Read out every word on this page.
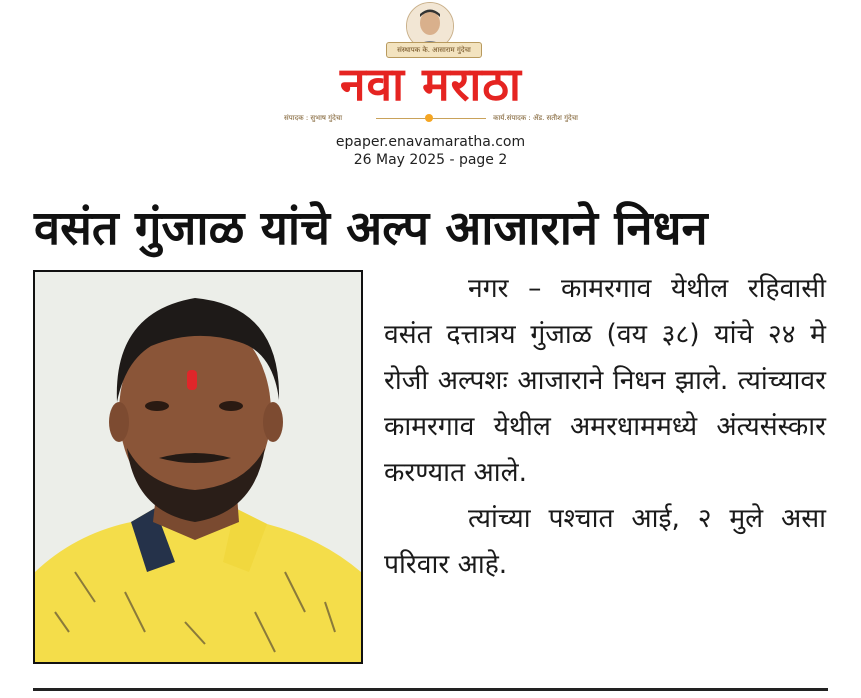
संस्थापक के. आसाराम गुंदेचा
नवा मराठा
संपादक : सुभाष गुंदेचा	कार्य.संपादक : ॲड. सतीश गुंदेचा
epaper.enavamaratha.com
26 May 2025 - page 2
वसंत गुंजाळ यांचे अल्प आजाराने निधन

नगर – कामरगाव येथील रहिवासी वसंत दत्तात्रय गुंजाळ (वय ३८) यांचे २४ मे रोजी अल्पशः आजाराने निधन झाले. त्यांच्यावर कामरगाव येथील अमरधाममध्ये अंत्यसंस्कार करण्यात आले.

त्यांच्या पश्चात आई, २ मुले असा परिवार आहे.
